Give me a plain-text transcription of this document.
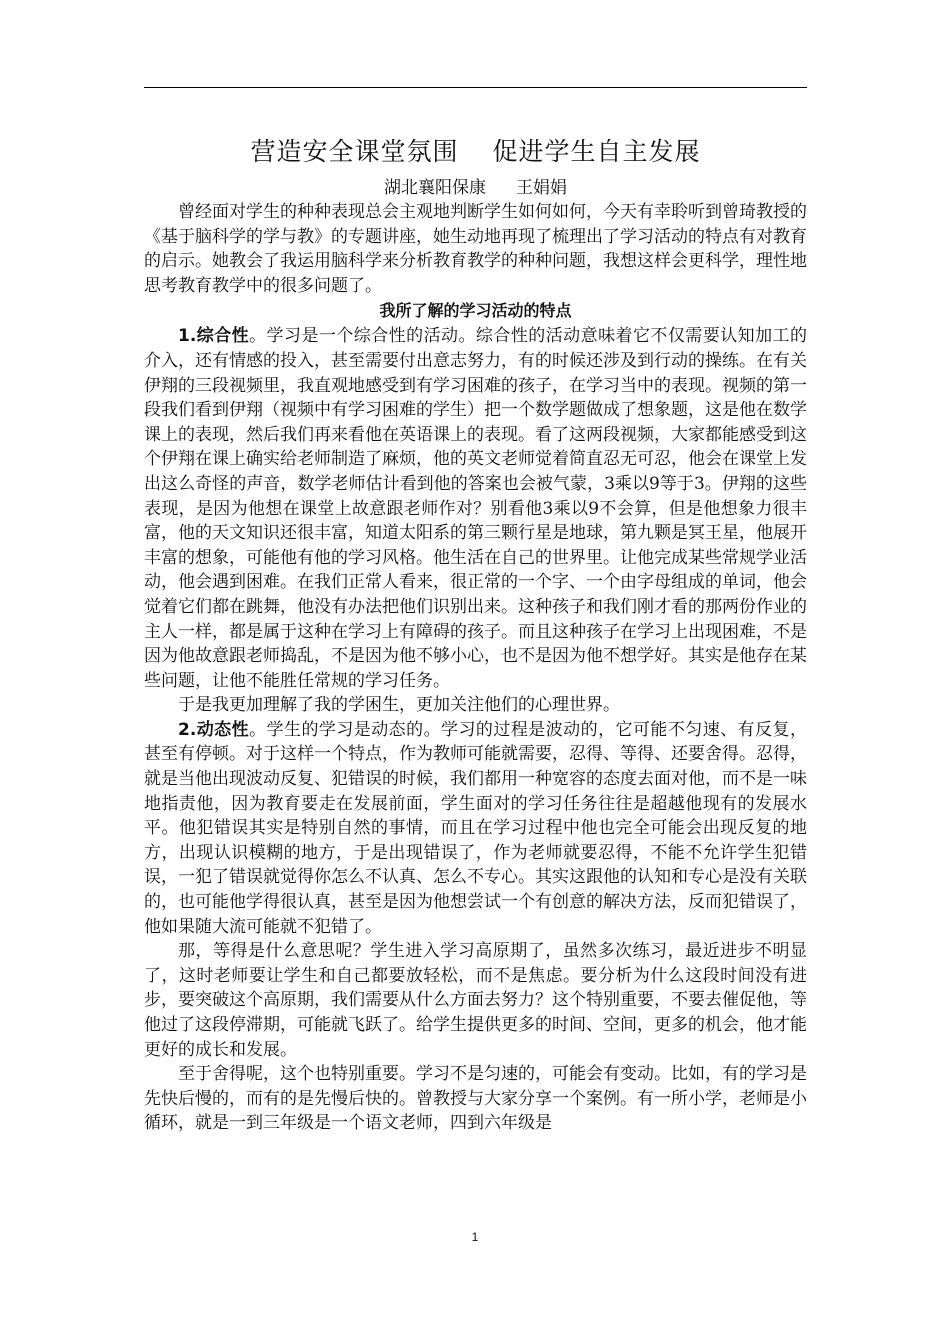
营造安全课堂氛围 促进学生自主发展
湖北襄阳保康 王娟娟

曾经面对学生的种种表现总会主观地判断学生如何如何，今天有幸聆听到曾琦教授的《基于脑科学的学与教》的专题讲座，她生动地再现了梳理出了学习活动的特点有对教育的启示。她教会了我运用脑科学来分析教育教学的种种问题，我想这样会更科学，理性地思考教育教学中的很多问题了。

我所了解的学习活动的特点

1.综合性。学习是一个综合性的活动。综合性的活动意味着它不仅需要认知加工的介入，还有情感的投入，甚至需要付出意志努力，有的时候还涉及到行动的操练。在有关伊翔的三段视频里，我直观地感受到有学习困难的孩子，在学习当中的表现。视频的第一段我们看到伊翔（视频中有学习困难的学生）把一个数学题做成了想象题，这是他在数学课上的表现，然后我们再来看他在英语课上的表现。看了这两段视频，大家都能感受到这个伊翔在课上确实给老师制造了麻烦，他的英文老师觉着简直忍无可忍，他会在课堂上发出这么奇怪的声音，数学老师估计看到他的答案也会被气蒙，3乘以9等于3。伊翔的这些表现，是因为他想在课堂上故意跟老师作对？别看他3乘以9不会算，但是他想象力很丰富，他的天文知识还很丰富，知道太阳系的第三颗行星是地球，第九颗是冥王星，他展开丰富的想象，可能他有他的学习风格。他生活在自己的世界里。让他完成某些常规学业活动，他会遇到困难。在我们正常人看来，很正常的一个字、一个由字母组成的单词，他会觉着它们都在跳舞，他没有办法把他们识别出来。这种孩子和我们刚才看的那两份作业的主人一样，都是属于这种在学习上有障碍的孩子。而且这种孩子在学习上出现困难，不是因为他故意跟老师捣乱，不是因为他不够小心，也不是因为他不想学好。其实是他存在某些问题，让他不能胜任常规的学习任务。

于是我更加理解了我的学困生，更加关注他们的心理世界。

2.动态性。学生的学习是动态的。学习的过程是波动的，它可能不匀速、有反复，甚至有停顿。对于这样一个特点，作为教师可能就需要，忍得、等得、还要舍得。忍得，就是当他出现波动反复、犯错误的时候，我们都用一种宽容的态度去面对他，而不是一味地指责他，因为教育要走在发展前面，学生面对的学习任务往往是超越他现有的发展水平。他犯错误其实是特别自然的事情，而且在学习过程中他也完全可能会出现反复的地方，出现认识模糊的地方，于是出现错误了，作为老师就要忍得，不能不允许学生犯错误，一犯了错误就觉得你怎么不认真、怎么不专心。其实这跟他的认知和专心是没有关联的，也可能他学得很认真，甚至是因为他想尝试一个有创意的解决方法，反而犯错误了，他如果随大流可能就不犯错了。

那，等得是什么意思呢？学生进入学习高原期了，虽然多次练习，最近进步不明显了，这时老师要让学生和自己都要放轻松，而不是焦虑。要分析为什么这段时间没有进步，要突破这个高原期，我们需要从什么方面去努力？这个特别重要，不要去催促他，等他过了这段停滞期，可能就飞跃了。给学生提供更多的时间、空间，更多的机会，他才能更好的成长和发展。

至于舍得呢，这个也特别重要。学习不是匀速的，可能会有变动。比如，有的学习是先快后慢的，而有的是先慢后快的。曾教授与大家分享一个案例。有一所小学，老师是小循环，就是一到三年级是一个语文老师，四到六年级是

1
